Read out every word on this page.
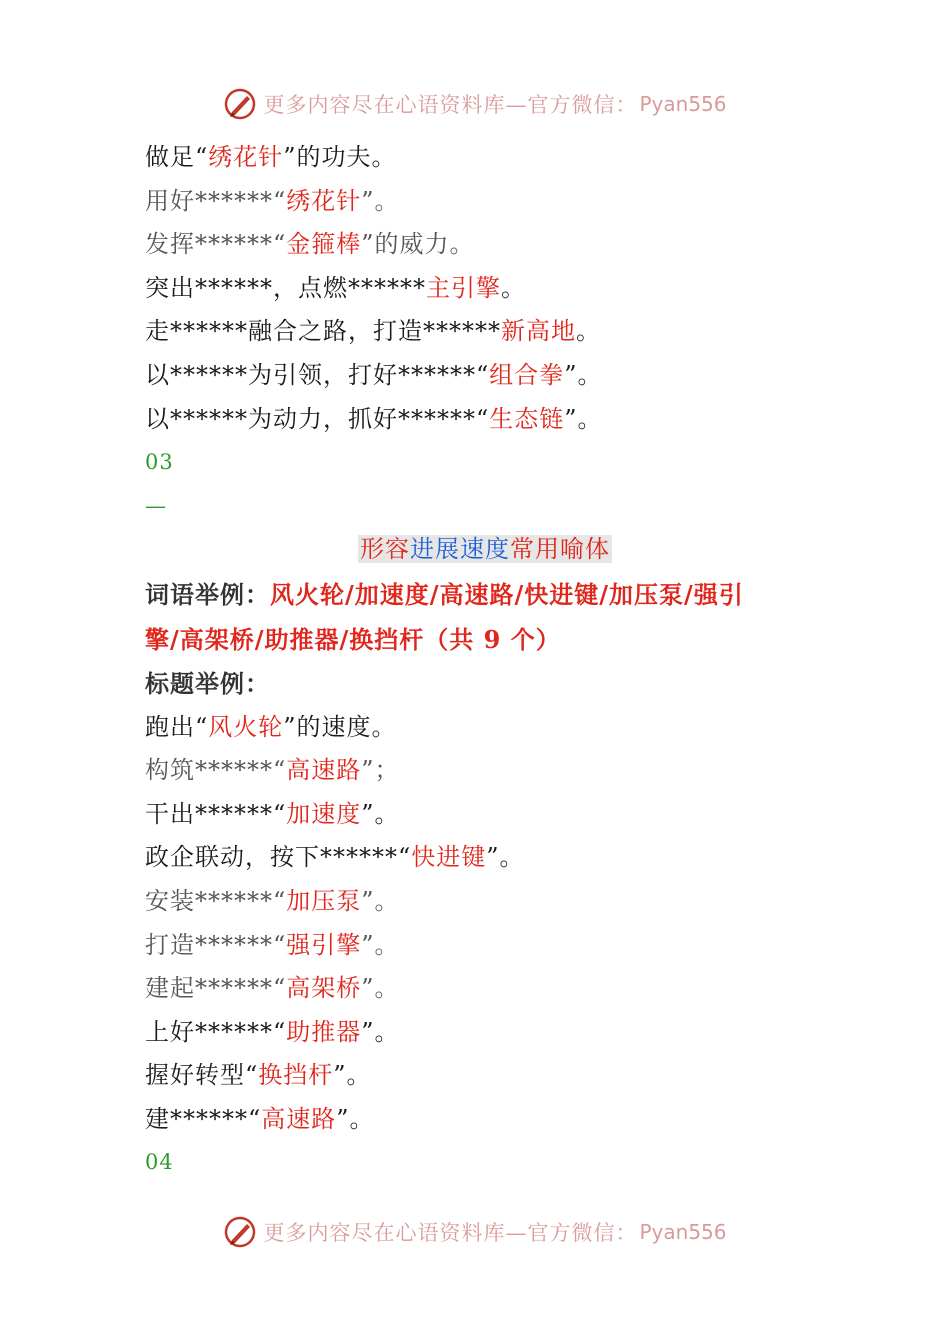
更多内容尽在心语资料库—官方微信： Pyan556
做足“绣花针”的功夫。
用好******“绣花针”。
发挥******“金箍棒”的威力。
突出******，点燃******主引擎。
走******融合之路，打造******新高地。
以******为引领，打好******“组合拳”。
以******为动力，抓好******“生态链”。
03
—
形容进展速度常用喻体
词语举例：风火轮/加速度/高速路/快进键/加压泵/强引
擎/高架桥/助推器/换挡杆（共 9 个）
标题举例：
跑出“风火轮”的速度。
构筑******“高速路”；
干出******“加速度”。
政企联动，按下******“快进键”。
安装******“加压泵”。
打造******“强引擎”。
建起******“高架桥”。
上好******“助推器”。
握好转型“换挡杆”。
建******“高速路”。
04
更多内容尽在心语资料库—官方微信： Pyan556
